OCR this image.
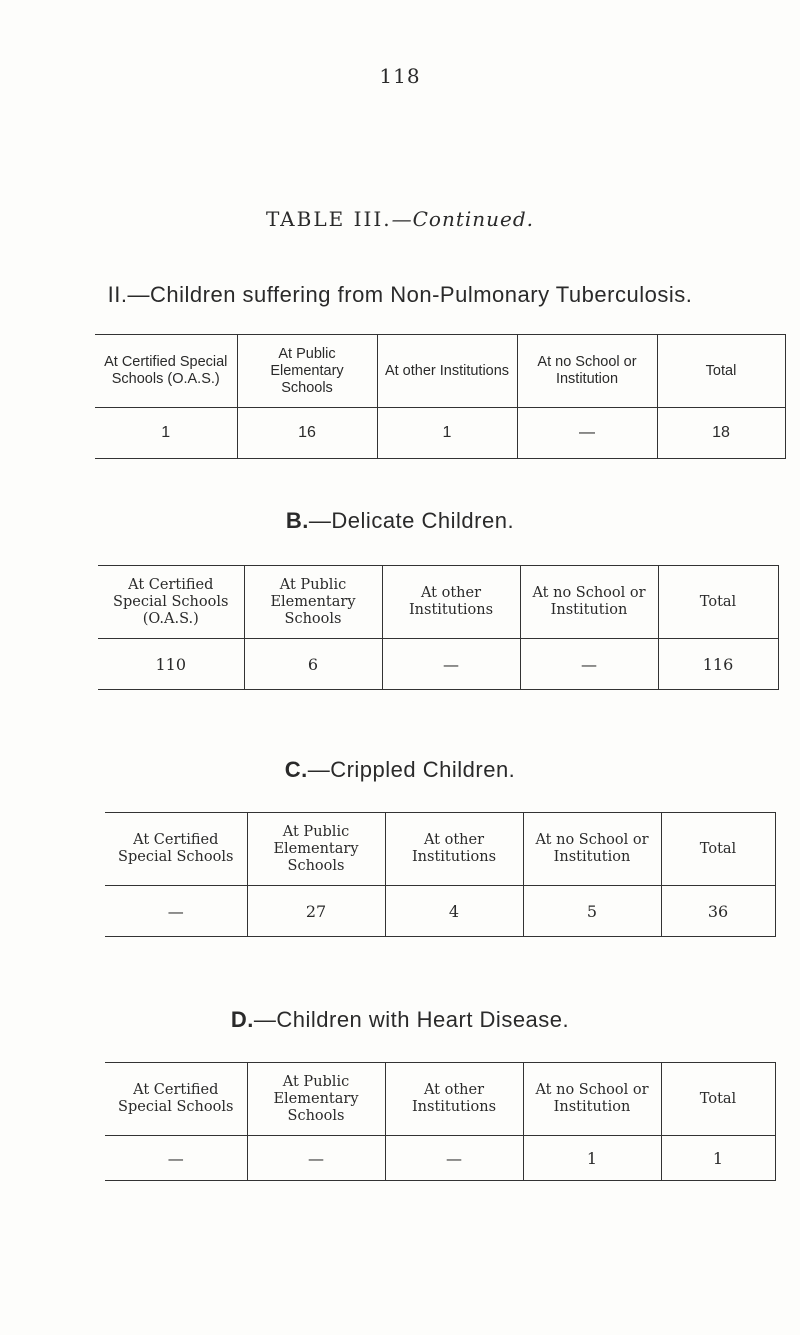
118
TABLE III.—Continued.
II.—Children suffering from Non-Pulmonary Tuberculosis.
At Certified Special Schools (O.A.S.)	At Public Elementary Schools	At other Institutions	At no School or Institution	Total
1	16	1	—	18
B.—Delicate Children.
At Certified Special Schools (O.A.S.)	At Public Elementary Schools	At other Institutions	At no School or Institution	Total
110	6	—	—	116
C.—Crippled Children.
At Certified Special Schools	At Public Elementary Schools	At other Institutions	At no School or Institution	Total
—	27	4	5	36
D.—Children with Heart Disease.
At Certified Special Schools	At Public Elementary Schools	At other Institutions	At no School or Institution	Total
—	—	—	1	1
